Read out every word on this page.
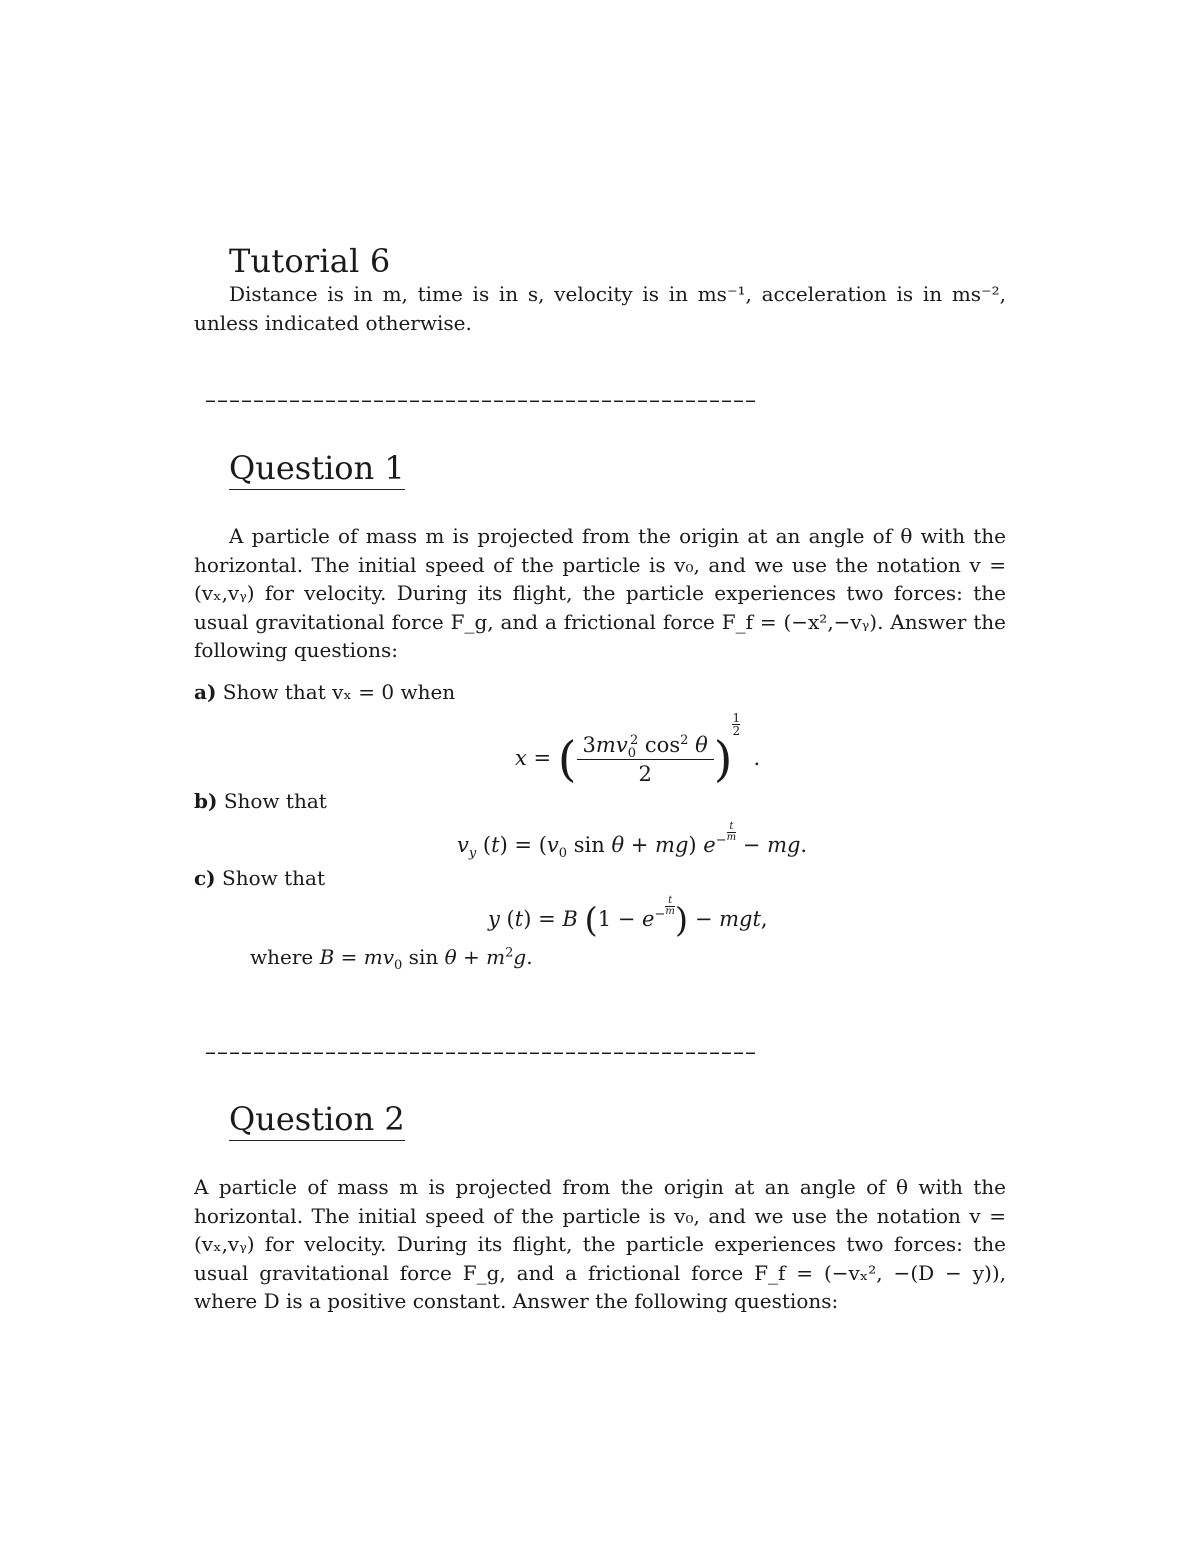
Tutorial 6
Distance is in m, time is in s, velocity is in ms⁻¹, acceleration is in ms⁻², unless indicated otherwise.
––––––––––––––––––––––––––––––––––––––––––––––
Question 1
A particle of mass m is projected from the origin at an angle of θ with the horizontal. The initial speed of the particle is v₀, and we use the notation v = (vₓ,vᵧ) for velocity. During its flight, the particle experiences two forces: the usual gravitational force F_g, and a frictional force F_f = (−x²,−vᵧ). Answer the following questions:
a) Show that vₓ = 0 when
x = ( $\frac{3mv_0^2 \cos^2 \theta}{2}$ )
$\frac{1}{2}$  .
b) Show that
$v_y$ $(t) = (v_0$ sin θ + mg) $e^{- \frac{t}{m}}$ − mg.
c) Show that
y (t) = B $(1 - e^{- \frac{t}{m}})$ − mgt,
where $B = mv_0$ $\sin \theta + m^2g$.
––––––––––––––––––––––––––––––––––––––––––––––
Question 2
A particle of mass m is projected from the origin at an angle of θ with the horizontal. The initial speed of the particle is v₀, and we use the notation v = (vₓ,vᵧ) for velocity. During its flight, the particle experiences two forces: the usual gravitational force F_g, and a frictional force F_f = (−vₓ², −(D − y)), where D is a positive constant. Answer the following questions:
